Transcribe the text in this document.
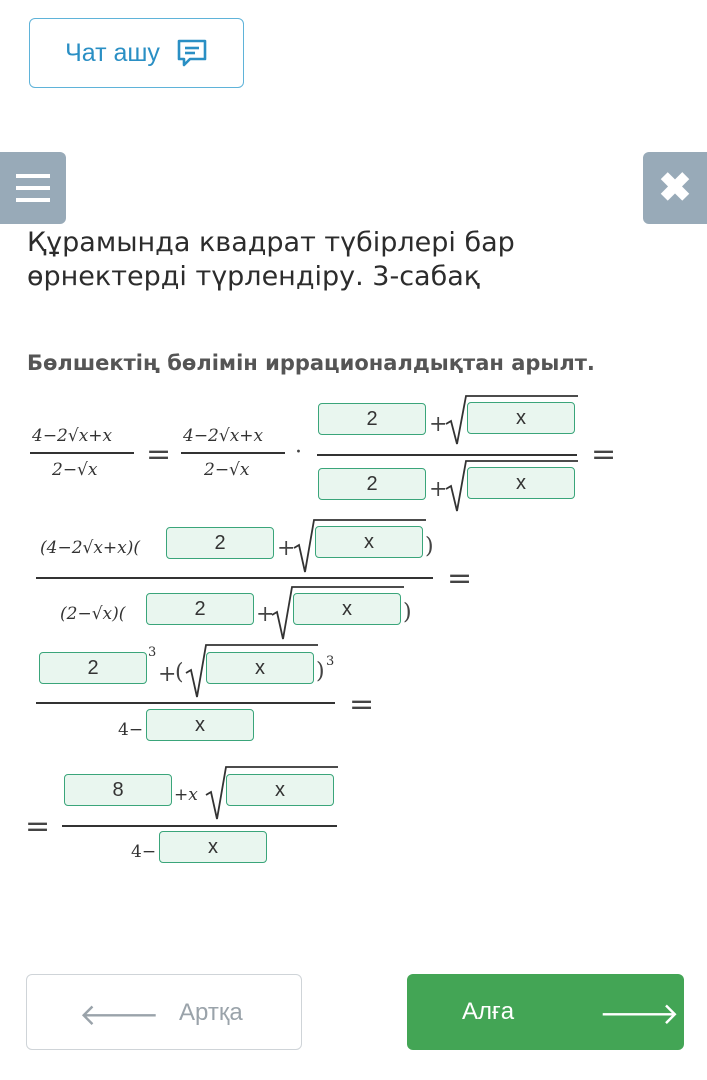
Чат ашу
✖
Құрамында квадрат түбірлері бар өрнектерді түрлендіру. 3-сабақ
Бөлшектің бөлімін иррационалдықтан арылт.
4−2√x+x
2−√x =
4−2√x+x
2−√x
·
2	+	x
2	+	x
=
(4−2√x+x)(	2	+	x	)
(2−√x)(	2	+	x	)
=
2
3
+
(	x	) 3
4−	x
=
=
8	+x	x
4−	x
🡐 Артқа	Алға	🡒
